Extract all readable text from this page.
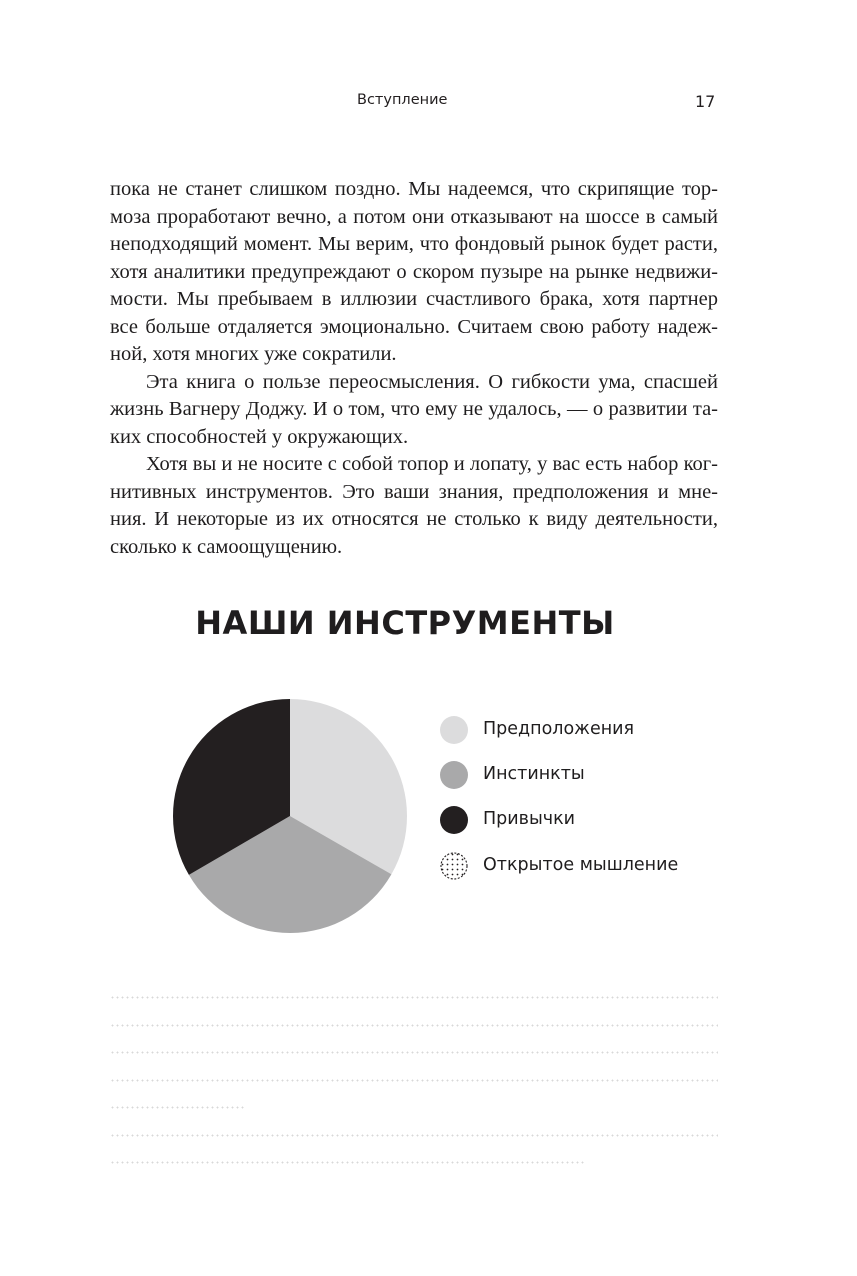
Вступление	17
пока не станет слишком поздно. Мы надеемся, что скрипящие тор-
моза проработают вечно, а потом они отказывают на шоссе в самый
неподходящий момент. Мы верим, что фондовый рынок будет расти,
хотя аналитики предупреждают о скором пузыре на рынке недвижи-
мости. Мы пребываем в иллюзии счастливого брака, хотя партнер
все больше отдаляется эмоционально. Считаем свою работу надеж-
ной, хотя многих уже сократили.
Эта книга о пользе переосмысления. О гибкости ума, спасшей
жизнь Вагнеру Доджу. И о том, что ему не удалось, — о развитии та-
ких способностей у окружающих.
Хотя вы и не носите с собой топор и лопату, у вас есть набор ког-
нитивных инструментов. Это ваши знания, предположения и мне-
ния. И некоторые из их относятся не столько к виду деятельности,
сколько к самоощущению.
НАШИ ИНСТРУМЕНТЫ
Предположения
Инстинкты
Привычки
Открытое мышление
